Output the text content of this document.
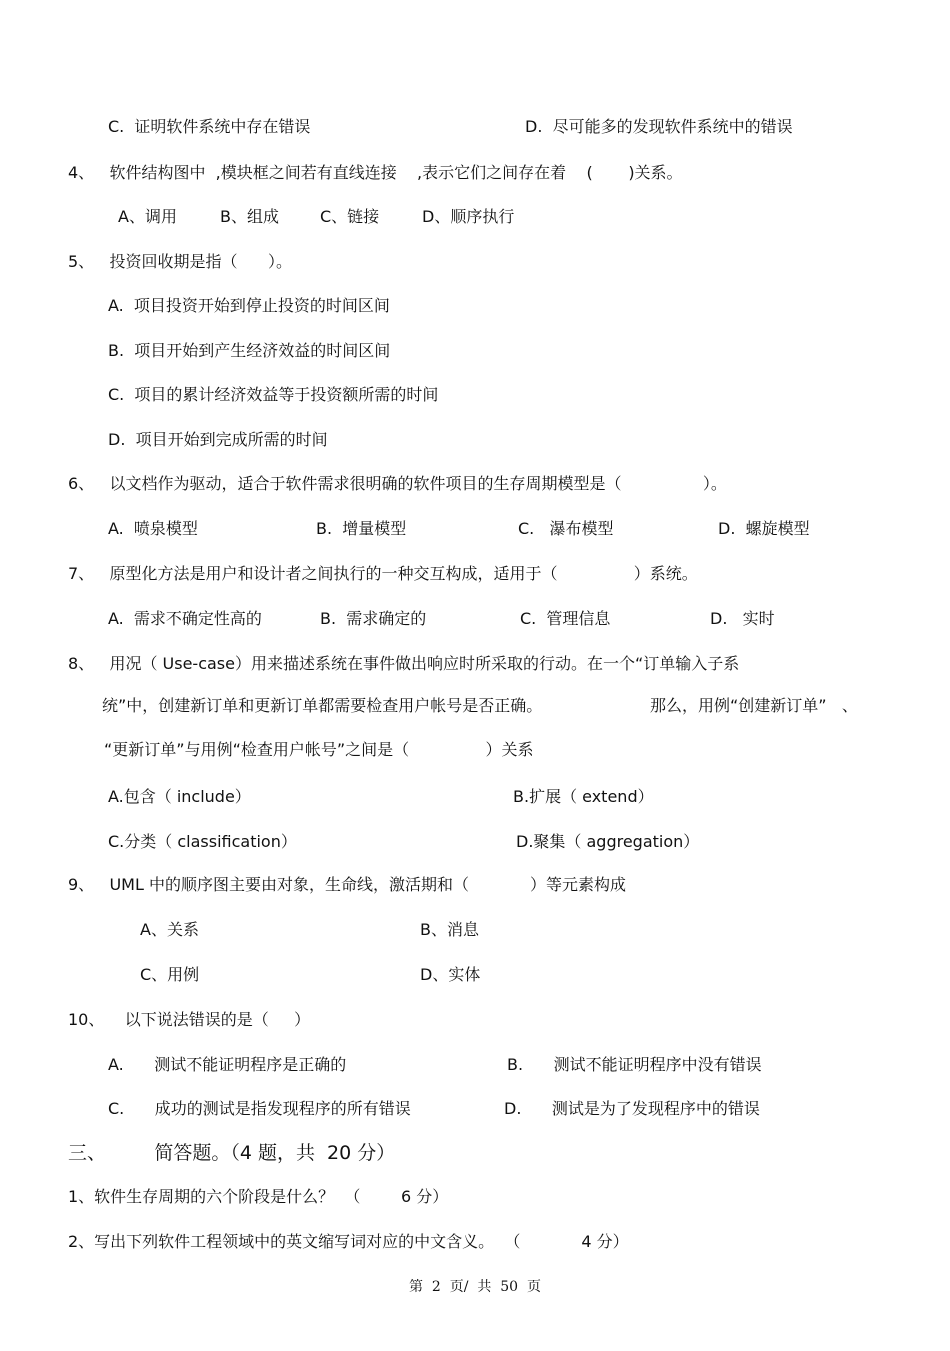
C.  证明软件系统中存在错误	D.  尽可能多的发现软件系统中的错误
4、   软件结构图中  ,模块框之间若有直线连接    ,表示它们之间存在着    (       )关系。
A、调用	B、组成	C、链接	D、顺序执行
5、   投资回收期是指（      ）。
A.  项目投资开始到停止投资的时间区间
B.  项目开始到产生经济效益的时间区间
C.  项目的累计经济效益等于投资额所需的时间
D.  项目开始到完成所需的时间
6、   以文档作为驱动，适合于软件需求很明确的软件项目的生存周期模型是（                ）。
A.  喷泉模型	B.  增量模型	C.   瀑布模型	D.  螺旋模型
7、   原型化方法是用户和设计者之间执行的一种交互构成，适用于（               ）系统。
A.  需求不确定性高的	B.  需求确定的	C.  管理信息	D.   实时
8、   用况（ Use-case）用来描述系统在事件做出响应时所采取的行动。在一个“订单输入子系
统”中，创建新订单和更新订单都需要检查用户帐号是否正确。	那么，用例“创建新订单”   、
“更新订单”与用例“检查用户帐号”之间是（               ）关系
A.包含（ include）	B.扩展（ extend）
C.分类（ classification）	D.聚集（ aggregation）
9、   UML 中的顺序图主要由对象，生命线，激活期和（            ）等元素构成
A、关系	B、消息
C、用例	D、实体
10、    以下说法错误的是（     ）
A.      测试不能证明程序是正确的	B.      测试不能证明程序中没有错误
C.      成功的测试是指发现程序的所有错误	D.      测试是为了发现程序中的错误
三、        简答题。（4 题，共  20 分）
1、软件生存周期的六个阶段是什么？  （        6 分）
2、写出下列软件工程领域中的英文缩写词对应的中文含义。  （            4 分）
第  2  页/  共  50  页
